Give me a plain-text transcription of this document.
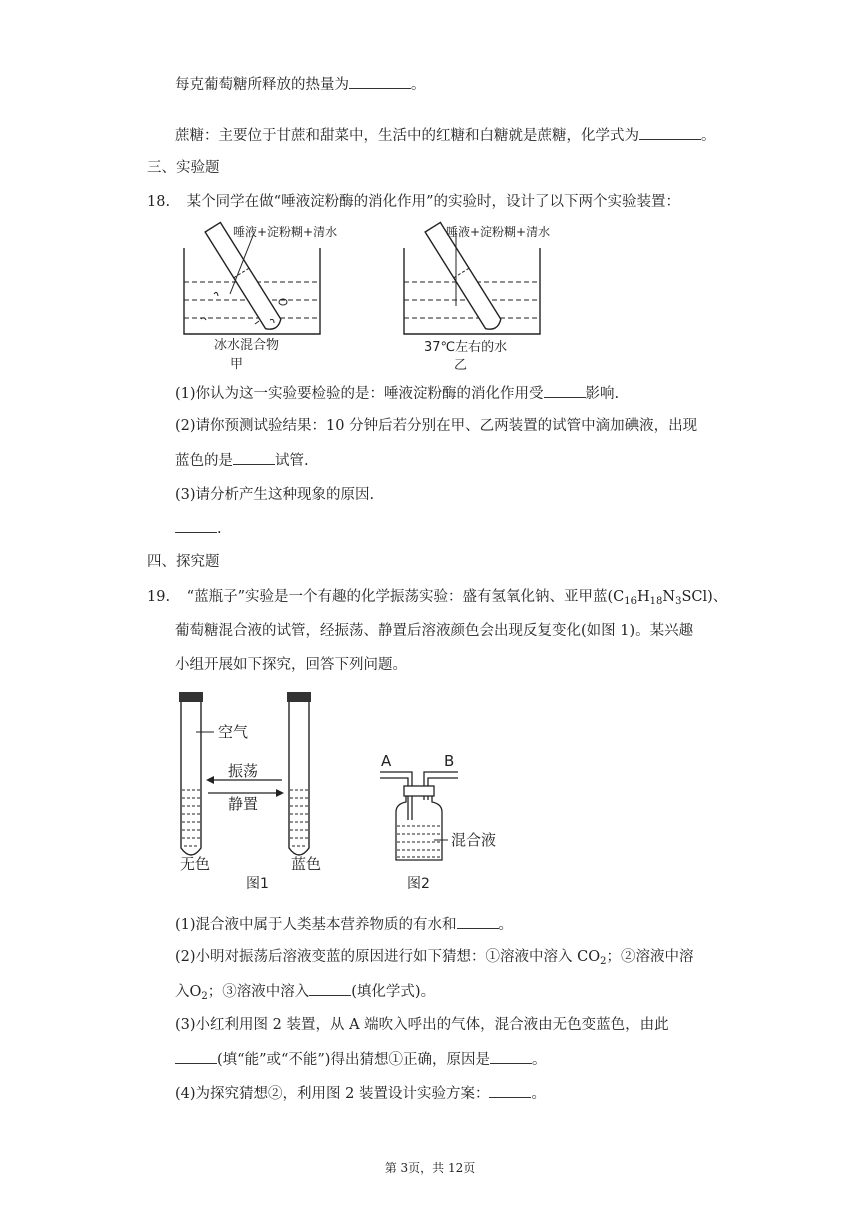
每克葡萄糖所释放的热量为	。
蔗糖：主要位于甘蔗和甜菜中，生活中的红糖和白糖就是蔗糖，化学式为	。
三、实验题
18. 某个同学在做“唾液淀粉酶的消化作用”的实验时，设计了以下两个实验装置：
唾液+淀粉糊+清水
冰水混合物
甲
唾液+淀粉糊+清水
37℃左右的水
乙
(1)你认为这一实验要检验的是：唾液淀粉酶的消化作用受	影响.
(2)请你预测试验结果：10 分钟后若分别在甲、乙两装置的试管中滴加碘液，出现
蓝色的是	试管.
(3)请分析产生这种现象的原因.
.
四、探究题
19. “蓝瓶子”实验是一个有趣的化学振荡实验：盛有氢氧化钠、亚甲蓝$(C_{16}H_{18}N_3SCl)$、
葡萄糖混合液的试管，经振荡、静置后溶液颜色会出现反复变化(如图 1)。某兴趣
小组开展如下探究，回答下列问题。
空气
振荡
静置
无色	蓝色
图1
A	B
混合液
图2
(1)混合液中属于人类基本营养物质的有水和	。
(2)小明对振荡后溶液变蓝的原因进行如下猜想：①溶液中溶入 $CO_2$；②溶液中溶
入$O_2$；③溶液中溶入	(填化学式)。
(3)小红利用图 2 装置，从 A 端吹入呼出的气体，混合液由无色变蓝色，由此
(填“能”或“不能”)得出猜想①正确，原因是	。
(4)为探究猜想②，利用图 2 装置设计实验方案：	。
第 3页，共 12页
